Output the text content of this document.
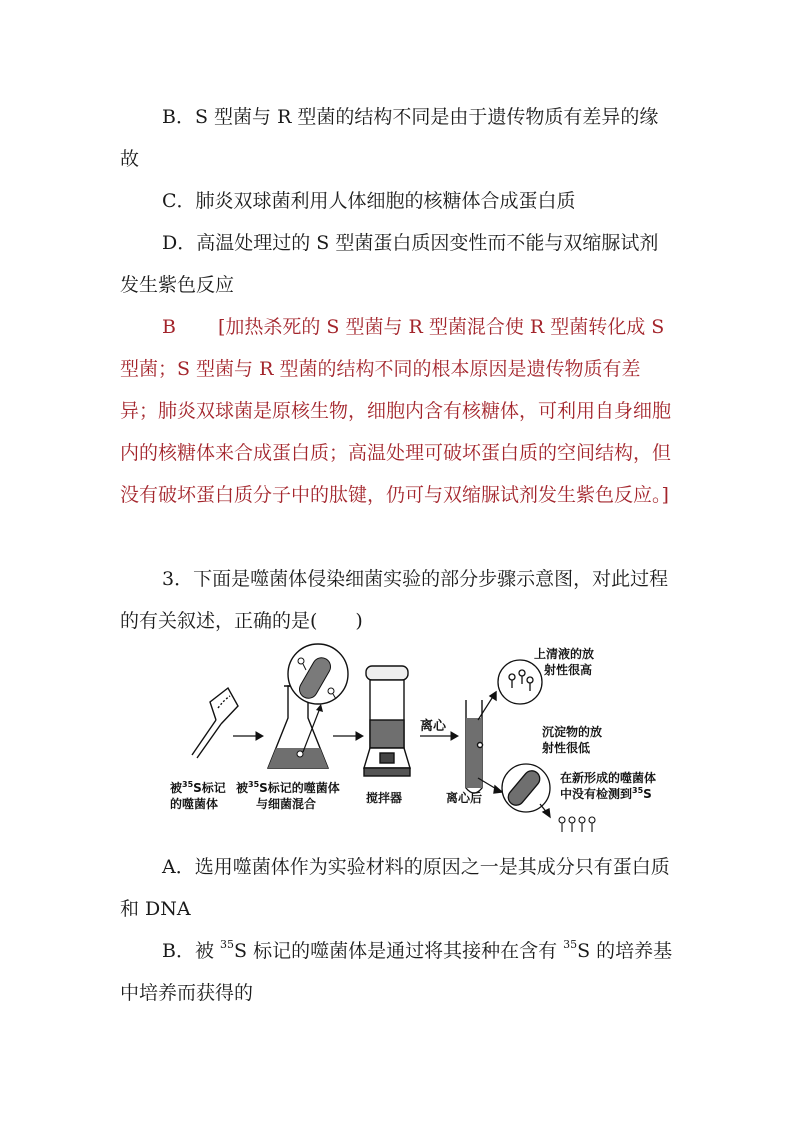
B．S 型菌与 R 型菌的结构不同是由于遗传物质有差异的缘故

C．肺炎双球菌利用人体细胞的核糖体合成蛋白质

D．高温处理过的 S 型菌蛋白质因变性而不能与双缩脲试剂发生紫色反应

B [加热杀死的 S 型菌与 R 型菌混合使 R 型菌转化成 S 型菌；S 型菌与 R 型菌的结构不同的根本原因是遗传物质有差异；肺炎双球菌是原核生物，细胞内含有核糖体，可利用自身细胞内的核糖体来合成蛋白质；高温处理可破坏蛋白质的空间结构，但没有破坏蛋白质分子中的肽键，仍可与双缩脲试剂发生紫色反应。]

3．下面是噬菌体侵染细菌实验的部分步骤示意图，对此过程的有关叙述，正确的是(　　)

离心
被$^{35}$S标记
的噬菌体
被$^{35}$S标记的噬菌体
与细菌混合	搅拌器	离心后
上清液的放
射性很高
沉淀物的放
射性很低
在新形成的噬菌体
中没有检测到$^{35}$S

A．选用噬菌体作为实验材料的原因之一是其成分只有蛋白质和 DNA

B．被 $^{35}$S 标记的噬菌体是通过将其接种在含有 $^{35}$S 的培养基中培养而获得的
